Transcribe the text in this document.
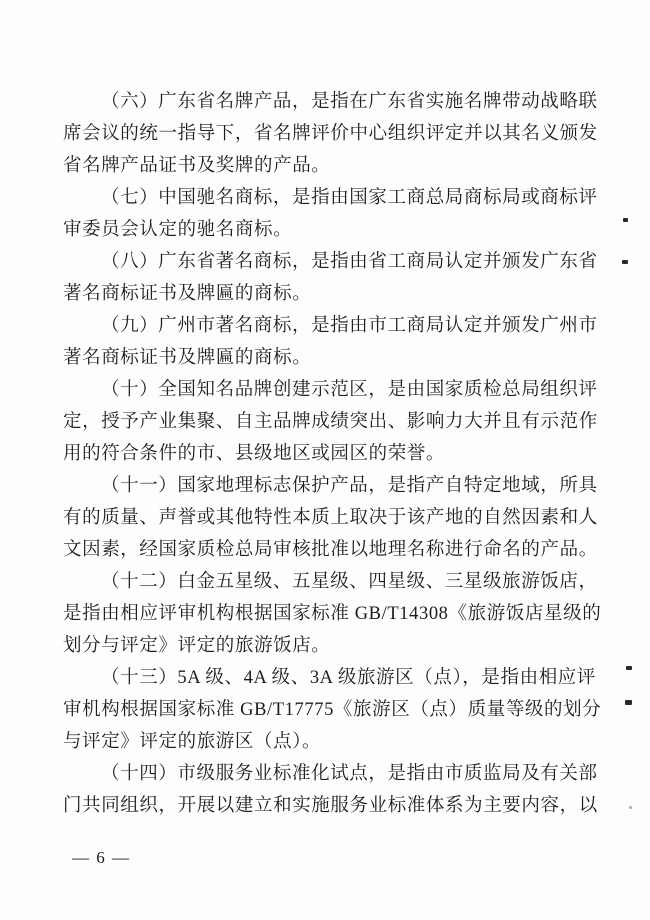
（六）广东省名牌产品，是指在广东省实施名牌带动战略联
席会议的统一指导下，省名牌评价中心组织评定并以其名义颁发
省名牌产品证书及奖牌的产品。
（七）中国驰名商标，是指由国家工商总局商标局或商标评
审委员会认定的驰名商标。
（八）广东省著名商标，是指由省工商局认定并颁发广东省
著名商标证书及牌匾的商标。
（九）广州市著名商标，是指由市工商局认定并颁发广州市
著名商标证书及牌匾的商标。
（十）全国知名品牌创建示范区，是由国家质检总局组织评
定，授予产业集聚、自主品牌成绩突出、影响力大并且有示范作
用的符合条件的市、县级地区或园区的荣誉。
（十一）国家地理标志保护产品，是指产自特定地域，所具
有的质量、声誉或其他特性本质上取决于该产地的自然因素和人
文因素，经国家质检总局审核批准以地理名称进行命名的产品。
（十二）白金五星级、五星级、四星级、三星级旅游饭店，
是指由相应评审机构根据国家标准 GB/T14308《旅游饭店星级的
划分与评定》评定的旅游饭店。
（十三）5A 级、4A 级、3A 级旅游区（点），是指由相应评
审机构根据国家标准 GB/T17775《旅游区（点）质量等级的划分
与评定》评定的旅游区（点）。
（十四）市级服务业标准化试点，是指由市质监局及有关部
门共同组织，开展以建立和实施服务业标准体系为主要内容，以
— 6 —
